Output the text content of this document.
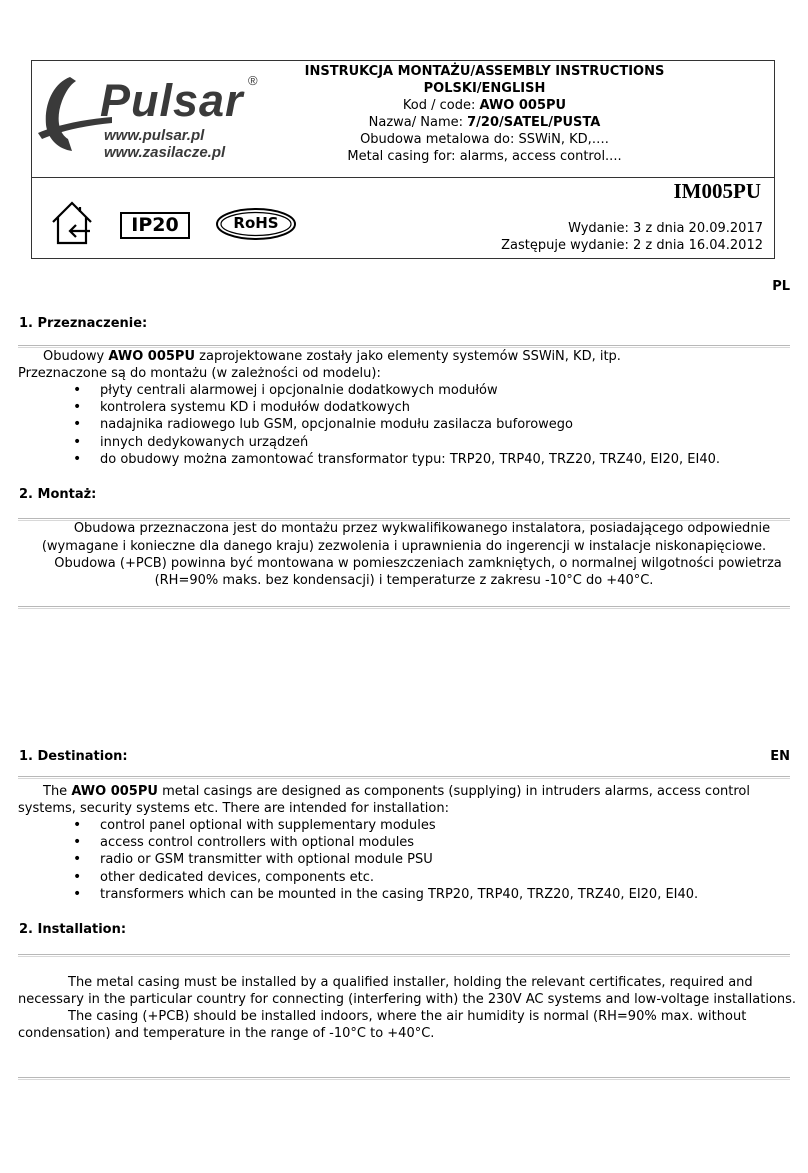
Pulsar ®
www.pulsar.pl
www.zasilacze.pl
INSTRUKCJA MONTAŻU/ASSEMBLY INSTRUCTIONS
POLSKI/ENGLISH
Kod / code: AWO 005PU
Nazwa/ Name: 7/20/SATEL/PUSTA
Obudowa metalowa do: SSWiN, KD,….
Metal casing for: alarms, access control....
IP20	RoHS
IM005PU
Wydanie: 3 z dnia 20.09.2017
Zastępuje wydanie: 2 z dnia 16.04.2012
PL
1. Przeznaczenie:
Obudowy AWO 005PU zaprojektowane zostały jako elementy systemów SSWiN, KD, itp.
Przeznaczone są do montażu (w zależności od modelu):
• płyty centrali alarmowej i opcjonalnie dodatkowych modułów
• kontrolera systemu KD i modułów dodatkowych
• nadajnika radiowego lub GSM, opcjonalnie modułu zasilacza buforowego
• innych dedykowanych urządzeń
• do obudowy można zamontować transformator typu: TRP20, TRP40, TRZ20, TRZ40, EI20, EI40.
2. Montaż:
Obudowa przeznaczona jest do montażu przez wykwalifikowanego instalatora, posiadającego odpowiednie
(wymagane i konieczne dla danego kraju) zezwolenia i uprawnienia do ingerencji w instalacje niskonapięciowe.
Obudowa (+PCB) powinna być montowana w pomieszczeniach zamkniętych, o normalnej wilgotności powietrza
(RH=90% maks. bez kondensacji) i temperaturze z zakresu -10°C do +40°C.
1. Destination:	EN
The AWO 005PU metal casings are designed as components (supplying) in intruders alarms, access control
systems, security systems etc. There are intended for installation:
• control panel optional with supplementary modules
• access control controllers with optional modules
• radio or GSM transmitter with optional module PSU
• other dedicated devices, components etc.
• transformers which can be mounted in the casing TRP20, TRP40, TRZ20, TRZ40, EI20, EI40.
2. Installation:
The metal casing must be installed by a qualified installer, holding the relevant certificates, required and
necessary in the particular country for connecting (interfering with) the 230V AC systems and low-voltage installations.
The casing (+PCB) should be installed indoors, where the air humidity is normal (RH=90% max. without
condensation) and temperature in the range of -10°C to +40°C.
